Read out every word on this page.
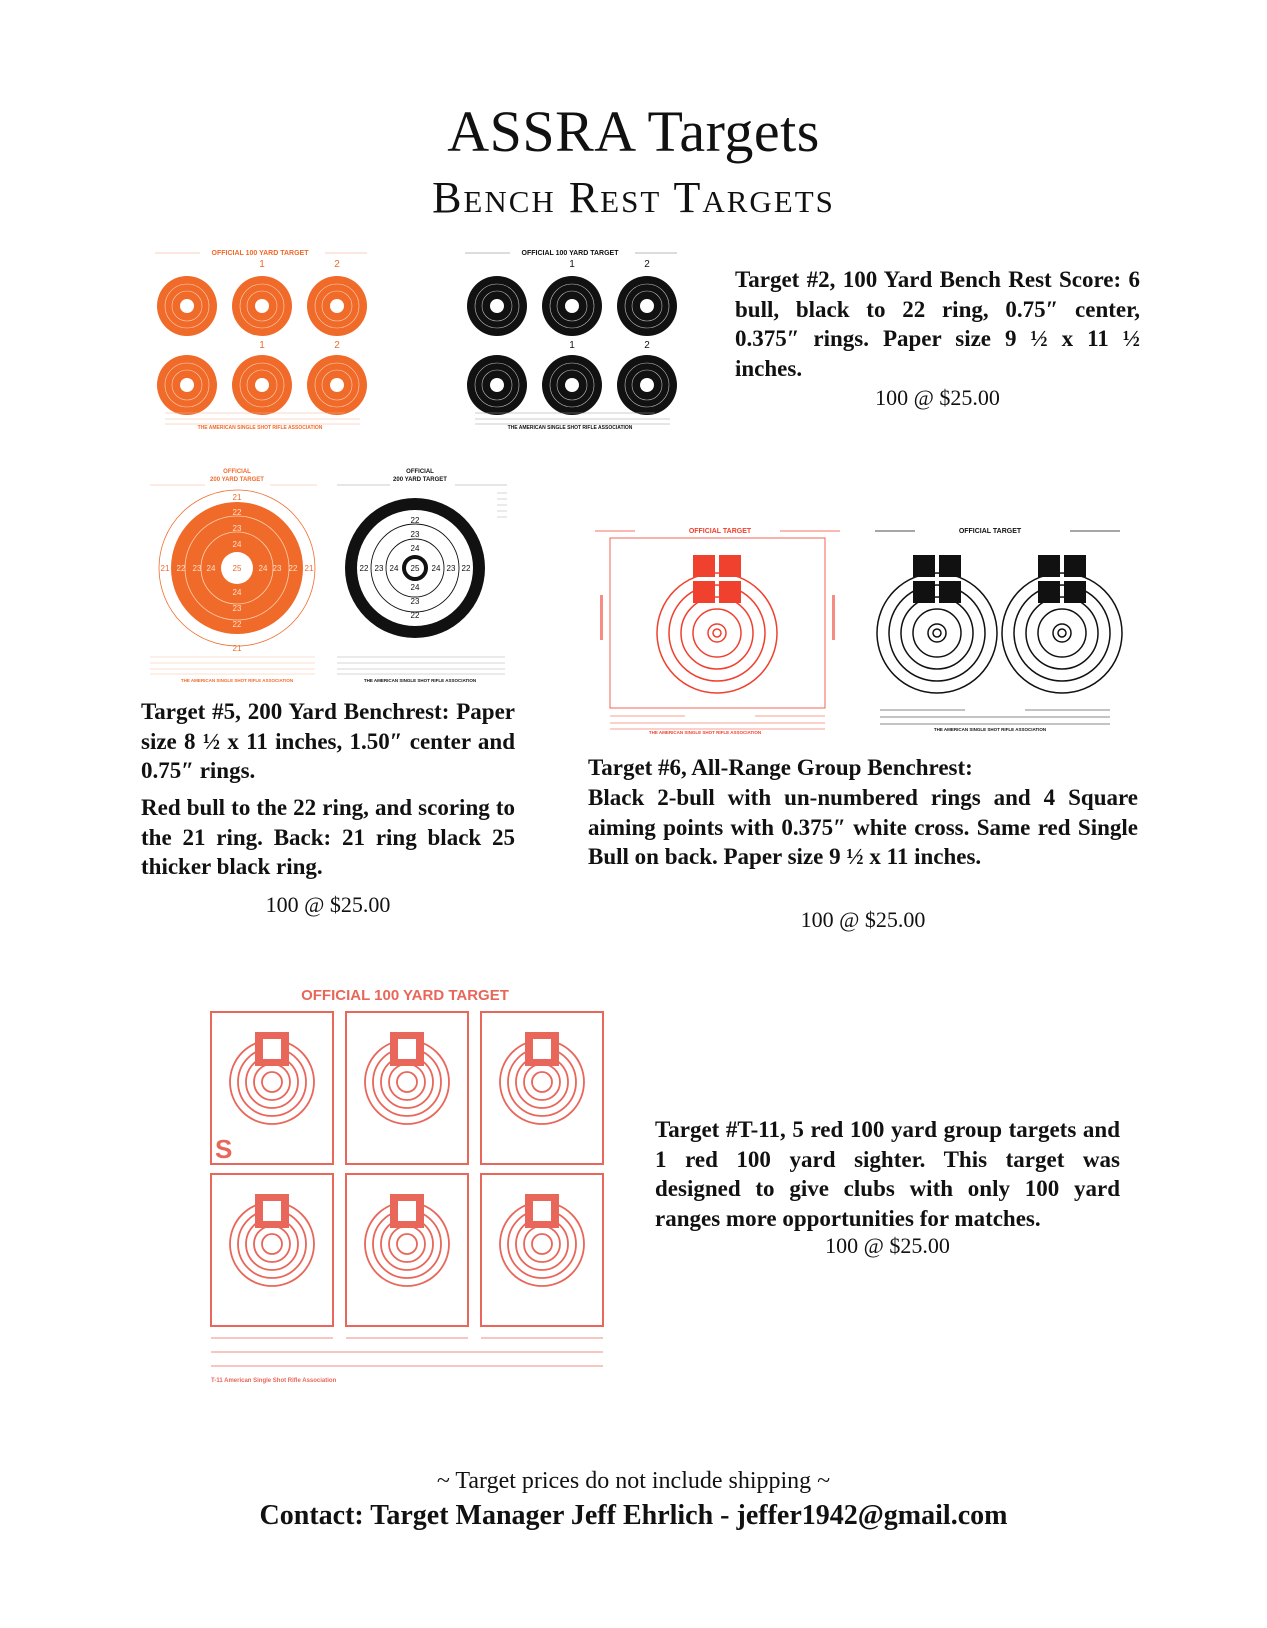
ASSRA Targets
Bench Rest Targets
OFFICIAL 100 YARD TARGET
1	2
1	2
THE AMERICAN SINGLE SHOT RIFLE ASSOCIATION
OFFICIAL 100 YARD TARGET
1	2
1	2
THE AMERICAN SINGLE SHOT RIFLE ASSOCIATION
Target #2, 100 Yard Bench Rest Score: 6 bull, black to 22 ring, 0.75″ center, 0.375″ rings. Paper size 9 ½ x 11 ½ inches.
100 @ $25.00
OFFICIAL
200 YARD TARGET
21
21
21	21
22
23
24
24
23
22
22 23 24	24 23 22
25
THE AMERICAN SINGLE SHOT RIFLE ASSOCIATION
OFFICIAL
200 YARD TARGET
22
23
24
25
24
23
22
22 23 24	24 23 22
THE AMERICAN SINGLE SHOT RIFLE ASSOCIATION
Target #5, 200 Yard Benchrest: Paper size 8 ½ x 11 inches, 1.50″ center and 0.75″ rings.
Red bull to the 22 ring, and scoring to the 21 ring. Back: 21 ring black 25 thicker black ring.
100 @ $25.00
OFFICIAL TARGET
THE AMERICAN SINGLE SHOT RIFLE ASSOCIATION
OFFICIAL TARGET
THE AMERICAN SINGLE SHOT RIFLE ASSOCIATION
Target #6, All-Range Group Benchrest:
Black 2-bull with un-numbered rings and 4 Square aiming points with 0.375″ white cross. Same red Single Bull on back. Paper size 9 ½ x 11 inches.
100 @ $25.00
OFFICIAL 100 YARD TARGET
S
T-11 American Single Shot Rifle Association
Target #T-11, 5 red 100 yard group targets and 1 red 100 yard sighter. This target was designed to give clubs with only 100 yard ranges more opportunities for matches.
100 @ $25.00
~ Target prices do not include shipping ~
Contact: Target Manager Jeff Ehrlich - jeffer1942@gmail.com
